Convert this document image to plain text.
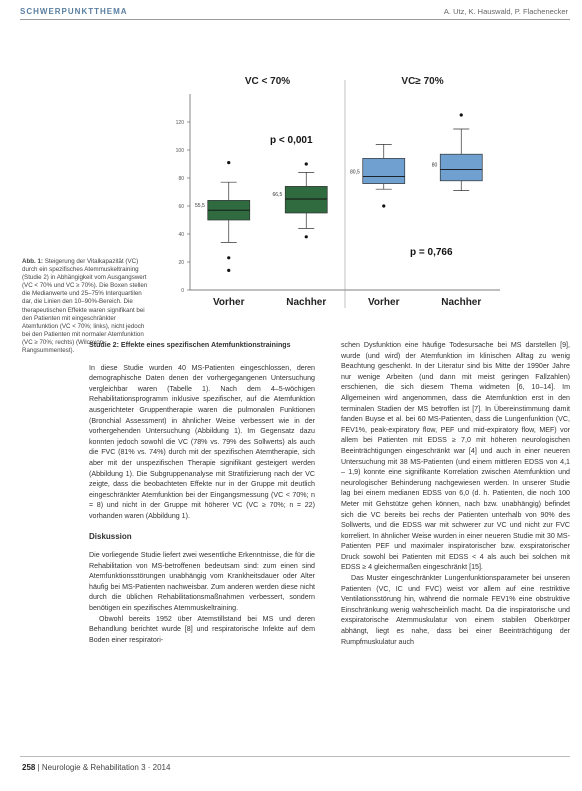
SCHWERPUNKTTHEMA	A. Utz, K. Hauswald, P. Flachenecker
0
20
40
60
80
100
120
VC < 70%	VC≥ 70%
p < 0,001
p = 0,766
55,5
Vorher
66,5
Nachher
80,5
Vorher
80
Nachher
Abb. 1: Steigerung der Vitalkapazität (VC) durch ein spezifisches Atemmuskeltraining (Studie 2) in Abhängigkeit vom Ausgangswert (VC < 70% und VC ≥ 70%). Die Boxen stellen die Medianwerte und 25–75% Interquartilen dar, die Linien den 10–90%-Bereich. Die therapeutischen Effekte waren signifikant bei den Patienten mit eingeschränkter Atemfunktion (VC < 70%; links), nicht jedoch bei den Patienten mit normaler Atemfunktion (VC ≥ 70%; rechts) (Wilcoxon-Rangsummentest).
Studie 2: Effekte eines spezifischen Atemfunktionstrainings

In diese Studie wurden 40 MS-Patienten eingeschlossen, deren demographische Daten denen der vorhergegangenen Untersuchung vergleichbar waren (Tabelle 1). Nach dem 4–5-wöchigen Rehabilitationsprogramm inklusive spezifischer, auf die Atemfunktion ausgerichteter Gruppentherapie waren die pulmonalen Funktionen (Bronchial Assessment) in ähnlicher Weise verbessert wie in der vorhergehenden Untersuchung (Abbildung 1). Im Gegensatz dazu konnten jedoch sowohl die VC (78% vs. 79% des Sollwerts) als auch die FVC (81% vs. 74%) durch mit der spezifischen Atemtherapie, sich aber mit der unspezifischen Therapie signifikant gesteigert werden (Abbildung 1). Die Subgruppenanalyse mit Stratifizierung nach der VC zeigte, dass die beobachteten Effekte nur in der Gruppe mit deutlich eingeschränkter Atemfunktion bei der Eingangsmessung (VC < 70%; n = 8) und nicht in der Gruppe mit höherer VC (VC ≥ 70%; n = 22) vorhanden waren (Abbildung 1).

Diskussion

Die vorliegende Studie liefert zwei wesentliche Erkenntnisse, die für die Rehabilitation von MS-betroffenen bedeutsam sind: zum einen sind Atemfunktionsstörungen unabhängig vom Krankheitsdauer oder Alter häufig bei MS-Patienten nachweisbar. Zum anderen werden diese nicht durch die üblichen Rehabilitationsmaßnahmen verbessert, sondern benötigen ein spezifisches Atemmuskeltraining.

Obwohl bereits 1952 über Atemstillstand bei MS und deren Behandlung berichtet wurde [8] und respiratorische Infekte auf dem Boden einer respiratori-

schen Dysfunktion eine häufige Todesursache bei MS darstellen [9], wurde (und wird) der Atemfunktion im klinischen Alltag zu wenig Beachtung geschenkt. In der Literatur sind bis Mitte der 1990er Jahre nur wenige Arbeiten (und dann mit meist geringen Fallzahlen) erschienen, die sich diesem Thema widmeten [6, 10–14]. Im Allgemeinen wird angenommen, dass die Atemfunktion erst in den terminalen Stadien der MS betroffen ist [7]. In Übereinstimmung damit fanden Buyse et al. bei 60 MS-Patienten, dass die Lungenfunktion (VC, FEV1%, peak-expiratory flow, PEF und mid-expiratory flow, MEF) vor allem bei Patienten mit EDSS ≥ 7,0 mit höheren neurologischen Beeinträchtigungen eingeschränkt war [4] und auch in einer neueren Untersuchung mit 38 MS-Patienten (und einem mittleren EDSS von 4,1 – 1,9) konnte eine signifikante Korrelation zwischen Atemfunktion und neurologischer Behinderung nachgewiesen werden. In unserer Studie lag bei einem medianen EDSS von 6,0 (d. h. Patienten, die noch 100 Meter mit Gehstütze gehen können, nach bzw. unabhängig) befindet sich die VC bereits bei rechs der Patienten unterhalb von 90% des Sollwerts, und die EDSS war mit schwerer zur VC und nicht zur FVC korreliert. In ähnlicher Weise wurden in einer neueren Studie mit 30 MS-Patienten PEF und maximaler inspiratorischer bzw. exspiratorischer Druck sowohl bei Patienten mit EDSS < 4 als auch bei solchen mit EDSS ≥ 4 gleichermaßen eingeschränkt [15].

Das Muster eingeschränkter Lungenfunktionsparameter bei unseren Patienten (VC, IC und FVC) weist vor allem auf eine restriktive Ventilationsstörung hin, während die normale FEV1% eine obstruktive Einschränkung wenig wahrscheinlich macht. Da die inspiratorische und exspiratorische Atemmuskulatur von einem stabilen Oberkörper abhängt, liegt es nahe, dass bei einer Beeinträchtigung der Rumpfmuskulatur auch

258 | Neurologie & Rehabilitation 3 · 2014
